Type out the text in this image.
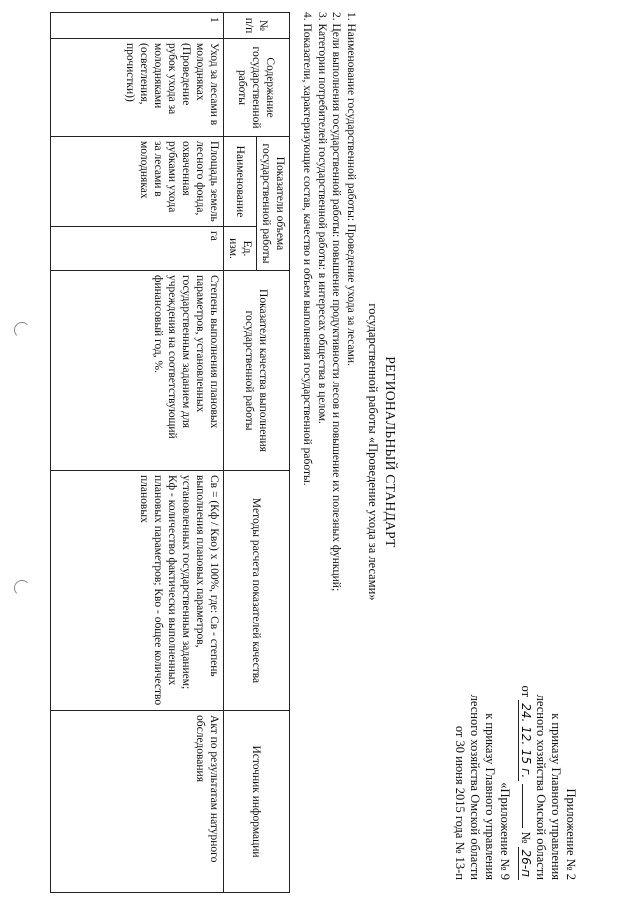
Приложение № 2
к приказу Главного управления
лесного хозяйства Омской области
от 24. 12. 15 г.  № 26-п
«Приложение № 9
к приказу Главного управления
лесного хозяйства Омской области
от 30 июня 2015 года № 13-п
РЕГИОНАЛЬНЫЙ СТАНДАРТ
государственной работы «Проведение ухода за лесами»
1. Наименование государственной работы: Проведение ухода за лесами.
2. Цели выполнения государственной работы: повышение продуктивности лесов и повышение их полезных функций;
3. Категории потребителей государственной работы: в интересах общества в целом.
4. Показатели, характеризующие состав, качество и объем выполнения государственной работы.
№ п/п	Содержание государственной работы	Показатели объема государственной работы		Показатели качества выполнения государственной работы	Методы расчета показателей качества	Источник информации
		Наименование	Ед. изм.			
1	Уход за лесами в молодняках (Проведение рубок ухода за молодняками (осветления, прочистки))	Площадь земель лесного фонда, охваченная рубками ухода за лесами в молодняках	га	Степень выполнения плановых параметров, установленных государственным заданием для учреждения на соответствующий финансовый год, %.	Св = (Кф / Кво) х 100%, где: Св - степень выполнения плановых параметров, установленных государственным заданием; Кф - количество фактически выполненных плановых параметров; Кво - общее количество плановых	Акт по результатам натурного обследования
